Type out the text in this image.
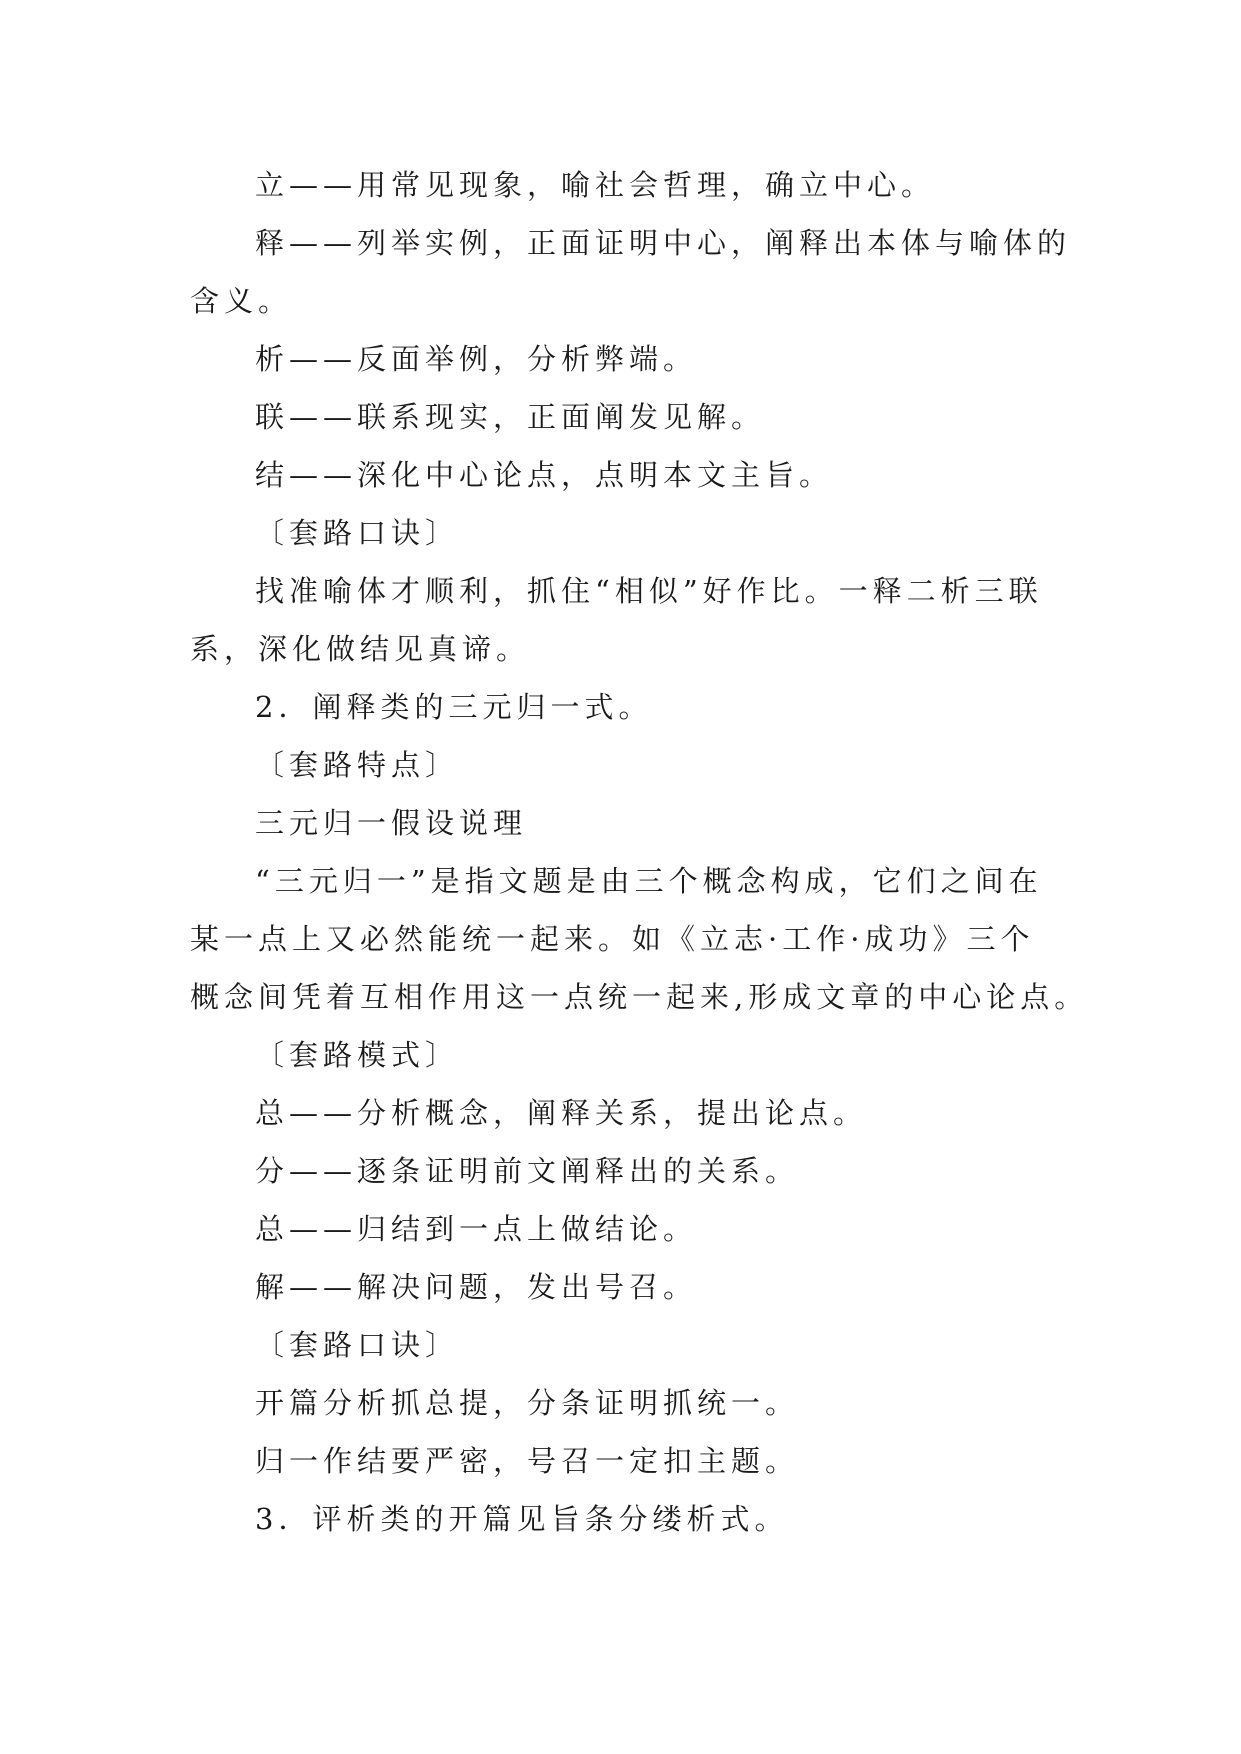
立——用常见现象，喻社会哲理，确立中心。
释——列举实例，正面证明中心，阐释出本体与喻体的
含义。
析——反面举例，分析弊端。
联——联系现实，正面阐发见解。
结——深化中心论点，点明本文主旨。
〔套路口诀〕
找准喻体才顺利，抓住“相似”好作比。一释二析三联
系，深化做结见真谛。
2．阐释类的三元归一式。
〔套路特点〕
三元归一假设说理
“三元归一”是指文题是由三个概念构成，它们之间在
某一点上又必然能统一起来。如《立志·工作·成功》三个
概念间凭着互相作用这一点统一起来,形成文章的中心论点。
〔套路模式〕
总——分析概念，阐释关系，提出论点。
分——逐条证明前文阐释出的关系。
总——归结到一点上做结论。
解——解决问题，发出号召。
〔套路口诀〕
开篇分析抓总提，分条证明抓统一。
归一作结要严密，号召一定扣主题。
3．评析类的开篇见旨条分缕析式。
